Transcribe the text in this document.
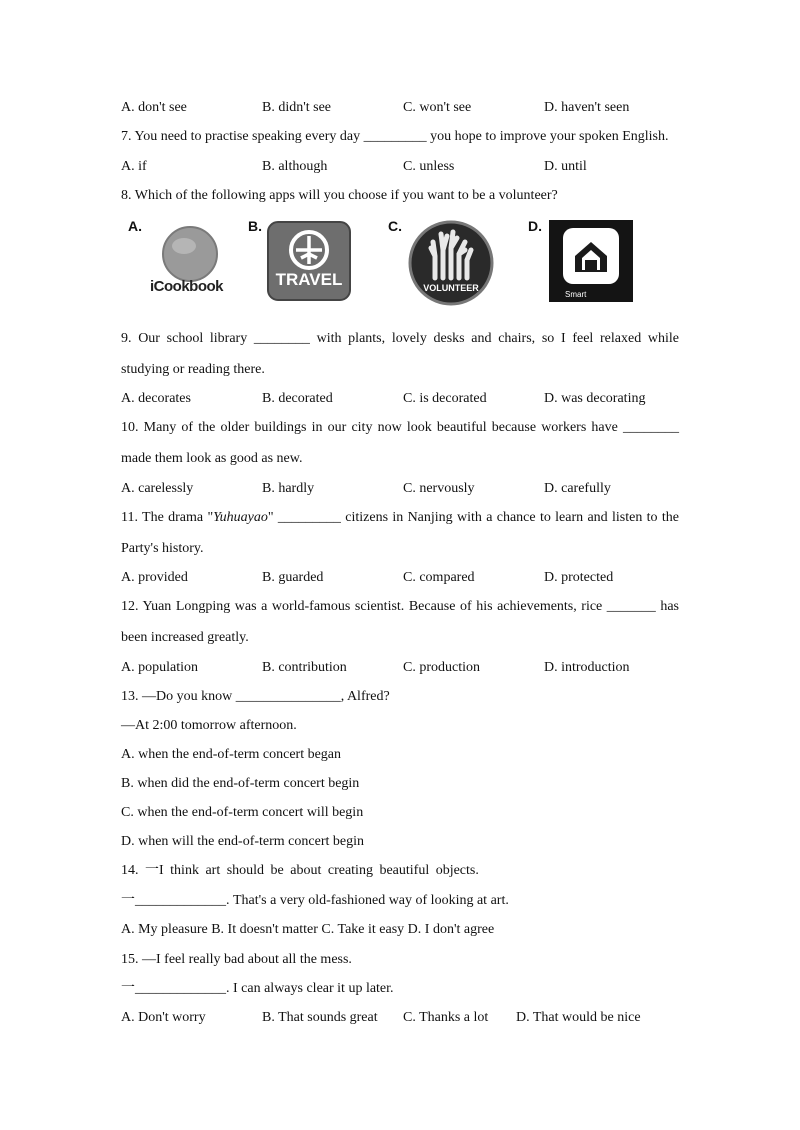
A. don't see	B. didn't see	C. won't see	D. haven't seen
7. You need to practise speaking every day _________ you hope to improve your spoken English.
A. if	B. although	C. unless	D. until
8. Which of the following apps will you choose if you want to be a volunteer?
A.
iCookbook
B.
TRAVEL
C.
VOLUNTEER
D.
Smart
9. Our school library ________ with plants, lovely desks and chairs, so I feel relaxed while
studying or reading there.
A. decorates	B. decorated	C. is decorated	D. was decorating
10. Many of the older buildings in our city now look beautiful because workers have ________
made them look as good as new.
A. carelessly	B. hardly	C. nervously	D. carefully
11. The drama "Yuhuayao" _________ citizens in Nanjing with a chance to learn and listen to the
Party's history.
A. provided	B. guarded	C. compared	D. protected
12. Yuan Longping was a world-famous scientist. Because of his achievements, rice _______ has
been increased greatly.
A. population	B. contribution	C. production	D. introduction
13. ―Do you know _______________, Alfred?
―At 2:00 tomorrow afternoon.
A. when the end-of-term concert began
B. when did the end-of-term concert begin
C. when the end-of-term concert will begin
D. when will the end-of-term concert begin
14. 一I think art should be about creating beautiful objects.
一_____________. That's a very old-fashioned way of looking at art.
A. My pleasure B. It doesn't matter C. Take it easy D. I don't agree
15. —I feel really bad about all the mess.
一_____________. I can always clear it up later.
A. Don't worry	B. That sounds great C. Thanks a lot D. That would be nice
